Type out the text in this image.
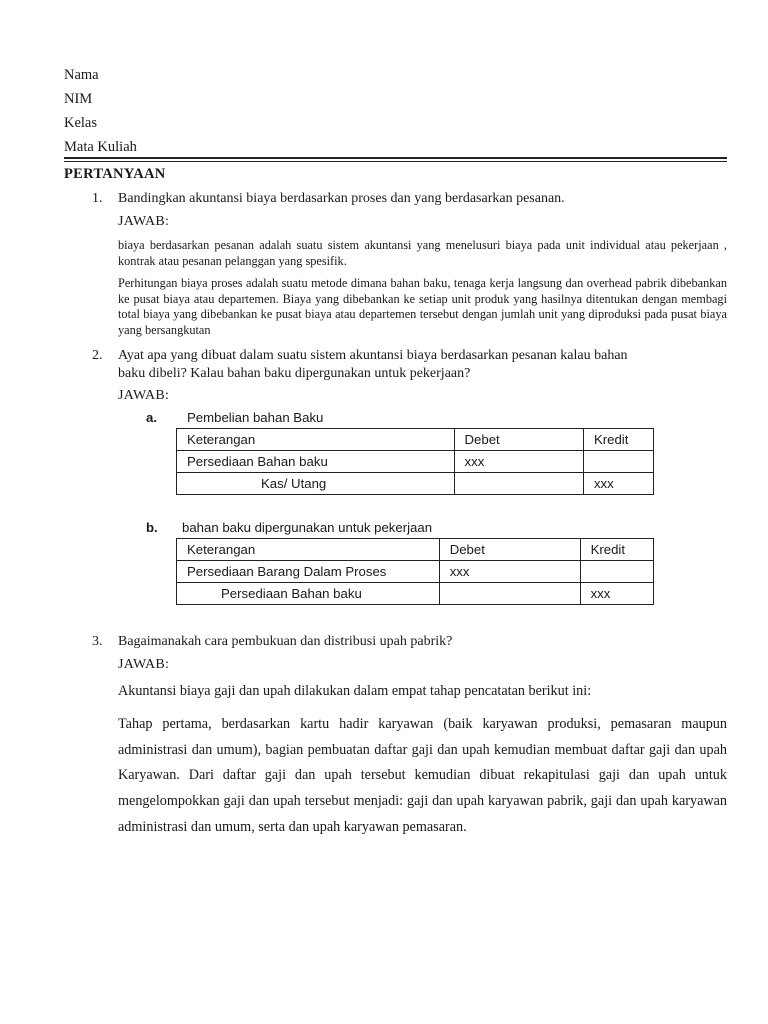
Nama
NIM
Kelas
Mata Kuliah
PERTANYAAN
1. Bandingkan akuntansi biaya berdasarkan proses dan yang berdasarkan pesanan.
JAWAB:
biaya berdasarkan pesanan adalah suatu sistem akuntansi yang menelusuri biaya pada unit individual atau pekerjaan , kontrak atau pesanan pelanggan yang spesifik.
Perhitungan biaya proses adalah suatu metode dimana bahan baku, tenaga kerja langsung dan overhead pabrik dibebankan ke pusat biaya atau departemen. Biaya yang dibebankan ke setiap unit produk yang hasilnya ditentukan dengan membagi total biaya yang dibebankan ke pusat biaya atau departemen tersebut dengan jumlah unit yang diproduksi pada pusat biaya yang bersangkutan
2. Ayat apa yang dibuat dalam suatu sistem akuntansi biaya berdasarkan pesanan kalau bahan
baku dibeli? Kalau bahan baku dipergunakan untuk pekerjaan?
JAWAB:
a. Pembelian bahan Baku
Keterangan	Debet	Kredit
Persediaan Bahan baku	xxx	
Kas/ Utang		xxx
b. bahan baku dipergunakan untuk pekerjaan
Keterangan	Debet	Kredit
Persediaan Barang Dalam Proses	xxx	
Persediaan Bahan baku		xxx
3. Bagaimanakah cara pembukuan dan distribusi upah pabrik?
JAWAB:
Akuntansi biaya gaji dan upah dilakukan dalam empat tahap pencatatan berikut ini:
Tahap pertama, berdasarkan kartu hadir karyawan (baik karyawan produksi, pemasaran maupun administrasi dan umum), bagian pembuatan daftar gaji dan upah kemudian membuat daftar gaji dan upah Karyawan. Dari daftar gaji dan upah tersebut kemudian dibuat rekapitulasi gaji dan upah untuk mengelompokkan gaji dan upah tersebut menjadi: gaji dan upah karyawan pabrik, gaji dan upah karyawan administrasi dan umum, serta dan upah karyawan pemasaran.
